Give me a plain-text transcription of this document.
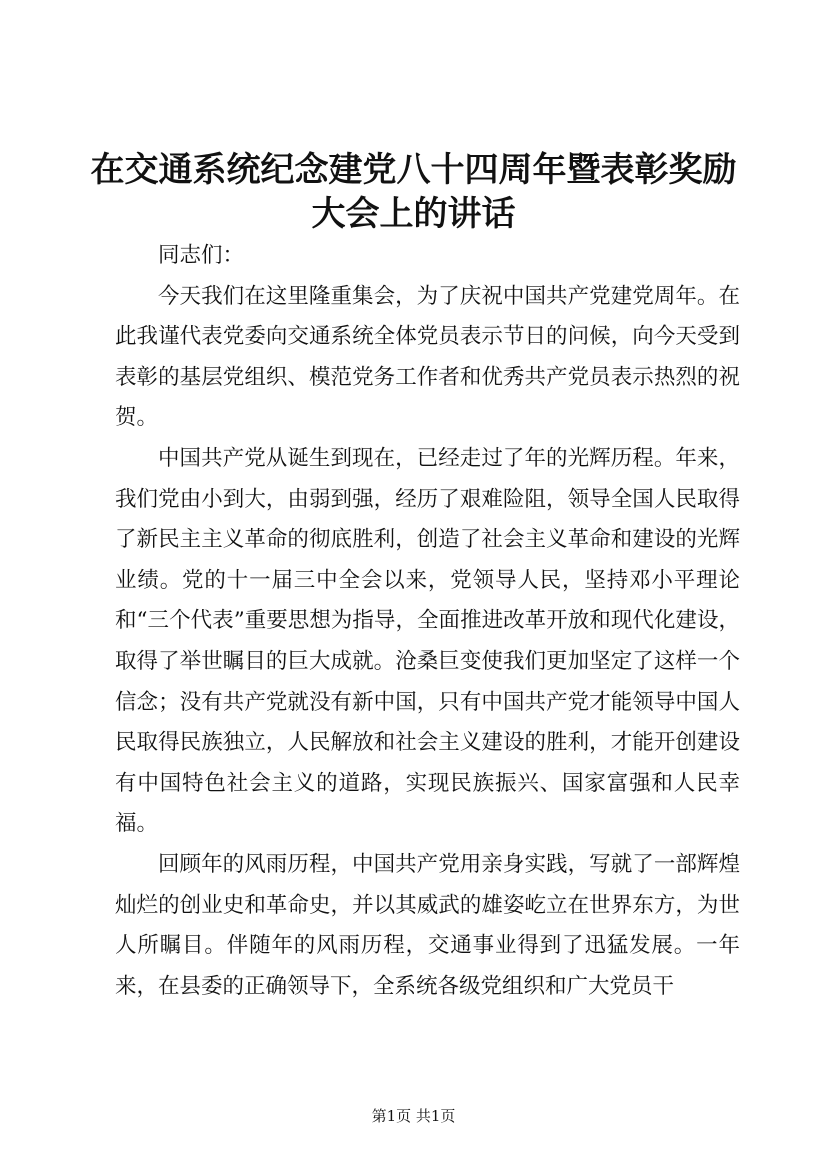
在交通系统纪念建党八十四周年暨表彰奖励大会上的讲话

同志们：

今天我们在这里隆重集会，为了庆祝中国共产党建党周年。在此我谨代表党委向交通系统全体党员表示节日的问候，向今天受到表彰的基层党组织、模范党务工作者和优秀共产党员表示热烈的祝贺。

中国共产党从诞生到现在，已经走过了年的光辉历程。年来，我们党由小到大，由弱到强，经历了艰难险阻，领导全国人民取得了新民主主义革命的彻底胜利，创造了社会主义革命和建设的光辉业绩。党的十一届三中全会以来，党领导人民，坚持邓小平理论和“三个代表”重要思想为指导，全面推进改革开放和现代化建设，取得了举世瞩目的巨大成就。沧桑巨变使我们更加坚定了这样一个信念；没有共产党就没有新中国，只有中国共产党才能领导中国人民取得民族独立，人民解放和社会主义建设的胜利，才能开创建设有中国特色社会主义的道路，实现民族振兴、国家富强和人民幸福。

回顾年的风雨历程，中国共产党用亲身实践，写就了一部辉煌灿烂的创业史和革命史，并以其威武的雄姿屹立在世界东方，为世人所瞩目。伴随年的风雨历程，交通事业得到了迅猛发展。一年来，在县委的正确领导下，全系统各级党组织和广大党员干

第1页 共1页
